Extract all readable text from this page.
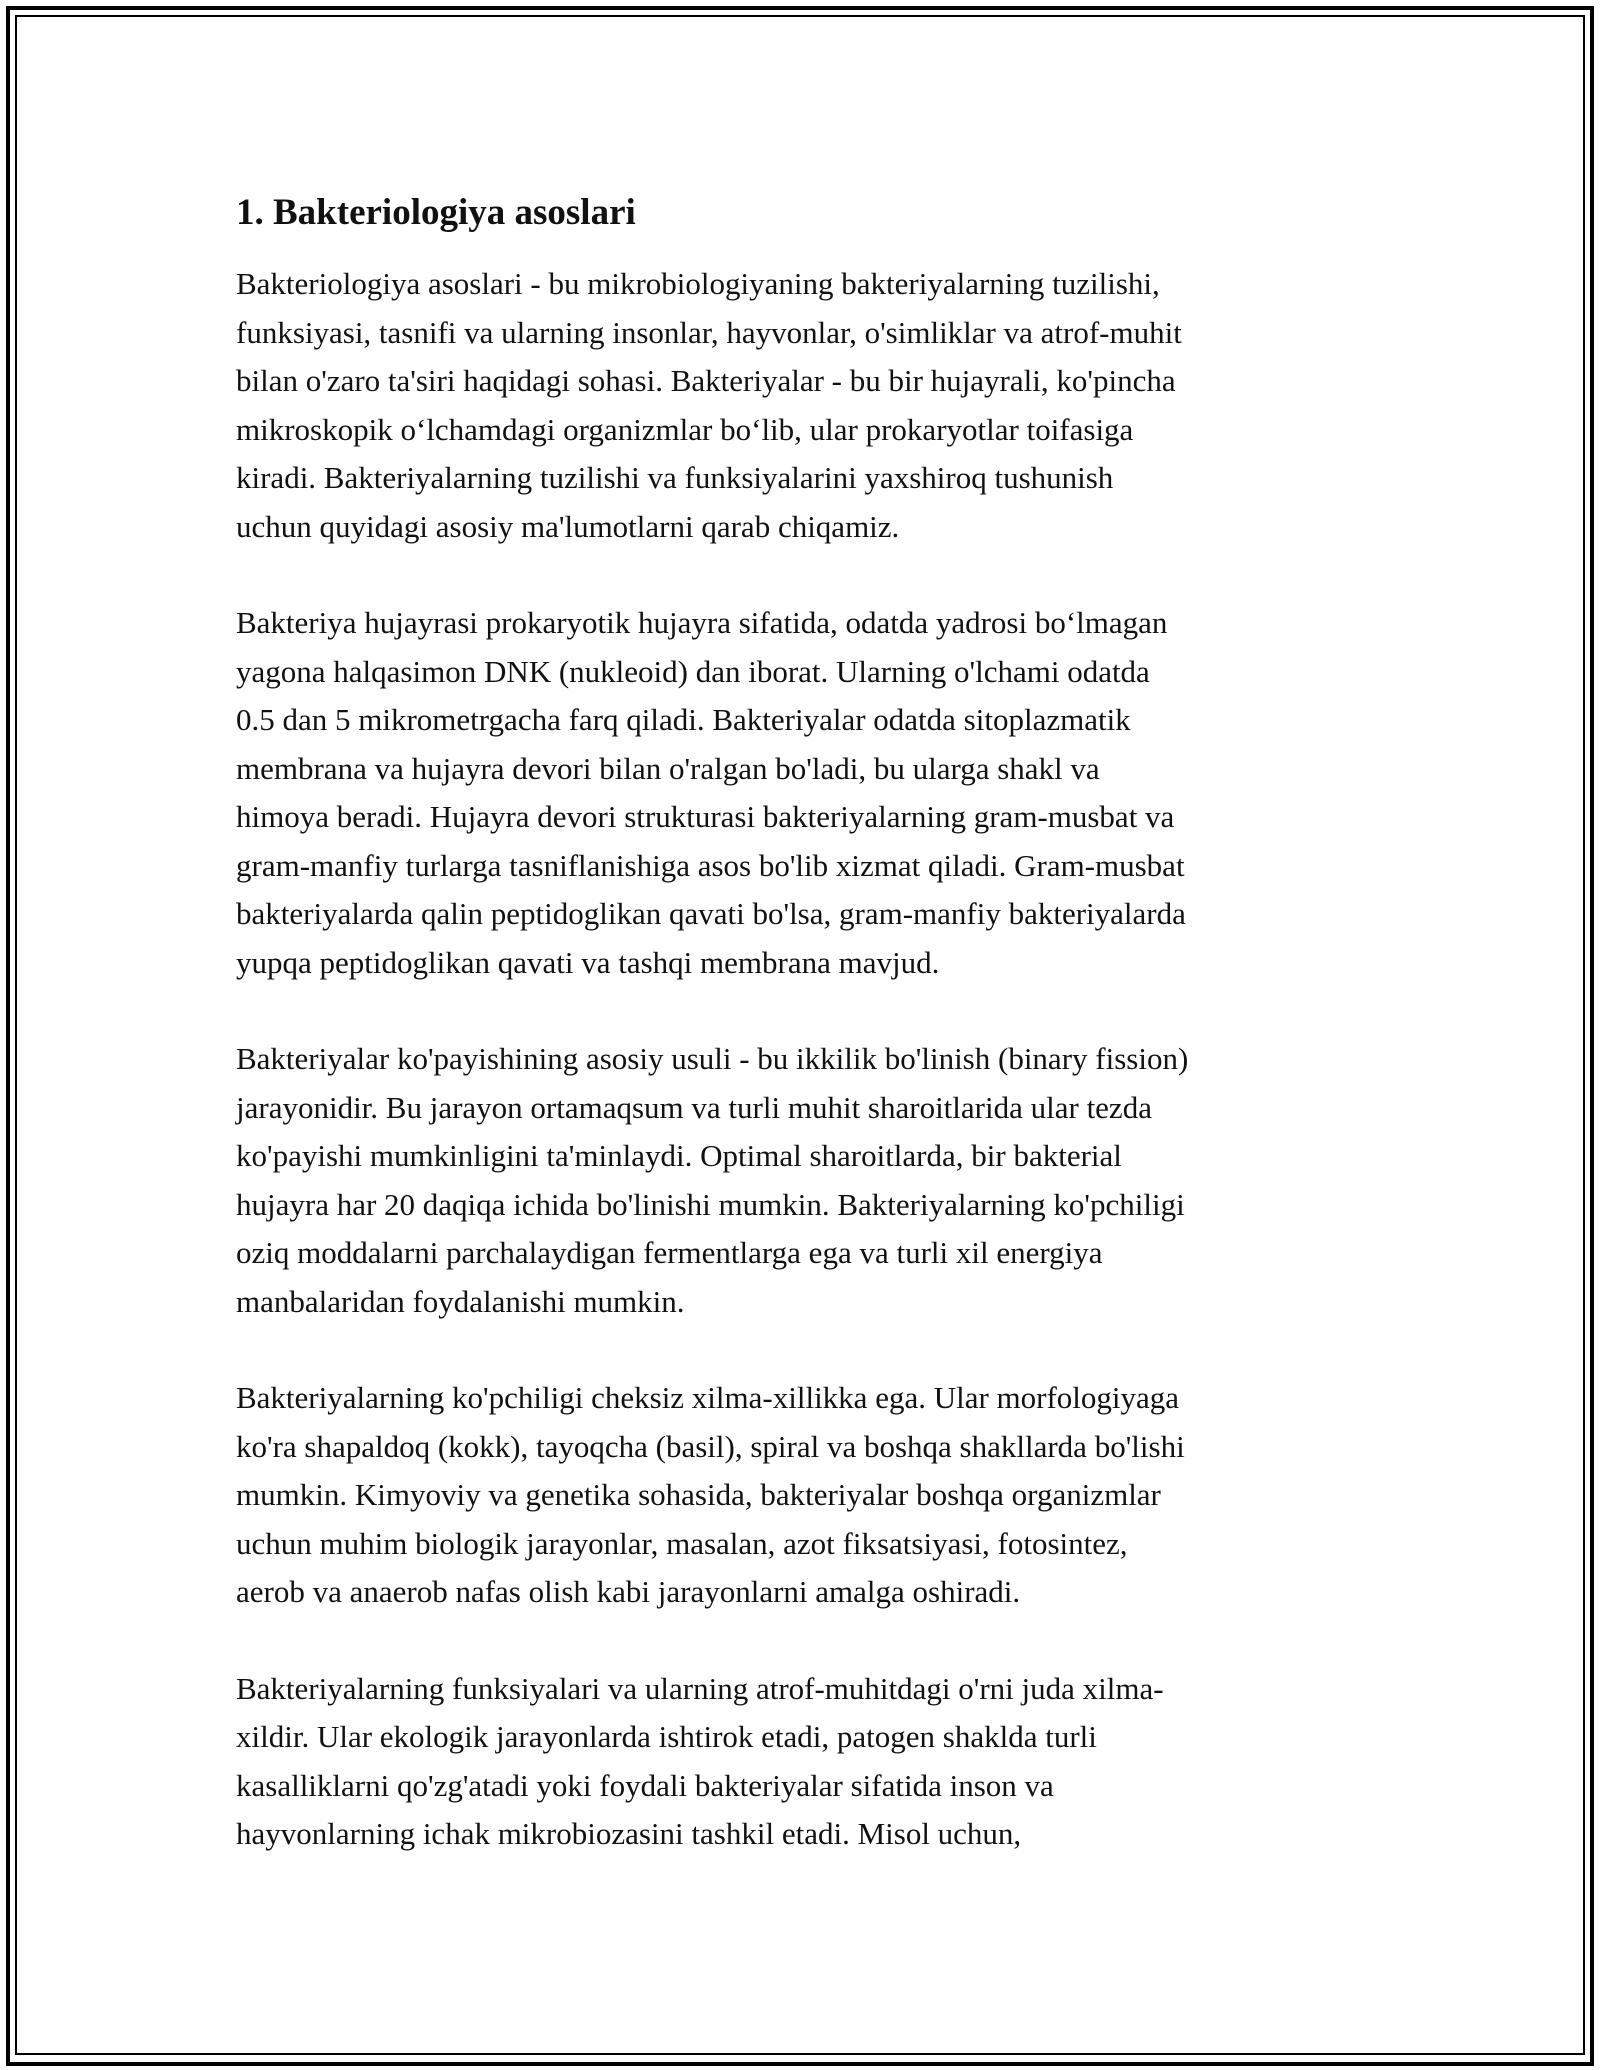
1. Bakteriologiya asoslari

Bakteriologiya asoslari - bu mikrobiologiyaning bakteriyalarning tuzilishi,
funksiyasi, tasnifi va ularning insonlar, hayvonlar, o'simliklar va atrof-muhit
bilan o'zaro ta'siri haqidagi sohasi. Bakteriyalar - bu bir hujayrali, ko'pincha
mikroskopik o‘lchamdagi organizmlar bo‘lib, ular prokaryotlar toifasiga
kiradi. Bakteriyalarning tuzilishi va funksiyalarini yaxshiroq tushunish
uchun quyidagi asosiy ma'lumotlarni qarab chiqamiz.

Bakteriya hujayrasi prokaryotik hujayra sifatida, odatda yadrosi bo‘lmagan
yagona halqasimon DNK (nukleoid) dan iborat. Ularning o'lchami odatda
0.5 dan 5 mikrometrgacha farq qiladi. Bakteriyalar odatda sitoplazmatik
membrana va hujayra devori bilan o'ralgan bo'ladi, bu ularga shakl va
himoya beradi. Hujayra devori strukturasi bakteriyalarning gram-musbat va
gram-manfiy turlarga tasniflanishiga asos bo'lib xizmat qiladi. Gram-musbat
bakteriyalarda qalin peptidoglikan qavati bo'lsa, gram-manfiy bakteriyalarda
yupqa peptidoglikan qavati va tashqi membrana mavjud.

Bakteriyalar ko'payishining asosiy usuli - bu ikkilik bo'linish (binary fission)
jarayonidir. Bu jarayon ortamaqsum va turli muhit sharoitlarida ular tezda
ko'payishi mumkinligini ta'minlaydi. Optimal sharoitlarda, bir bakterial
hujayra har 20 daqiqa ichida bo'linishi mumkin. Bakteriyalarning ko'pchiligi
oziq moddalarni parchalaydigan fermentlarga ega va turli xil energiya
manbalaridan foydalanishi mumkin.

Bakteriyalarning ko'pchiligi cheksiz xilma-xillikka ega. Ular morfologiyaga
ko'ra shapaldoq (kokk), tayoqcha (basil), spiral va boshqa shakllarda bo'lishi
mumkin. Kimyoviy va genetika sohasida, bakteriyalar boshqa organizmlar
uchun muhim biologik jarayonlar, masalan, azot fiksatsiyasi, fotosintez,
aerob va anaerob nafas olish kabi jarayonlarni amalga oshiradi.

Bakteriyalarning funksiyalari va ularning atrof-muhitdagi o'rni juda xilma-
xildir. Ular ekologik jarayonlarda ishtirok etadi, patogen shaklda turli
kasalliklarni qo'zg'atadi yoki foydali bakteriyalar sifatida inson va
hayvonlarning ichak mikrobiozasini tashkil etadi. Misol uchun,
